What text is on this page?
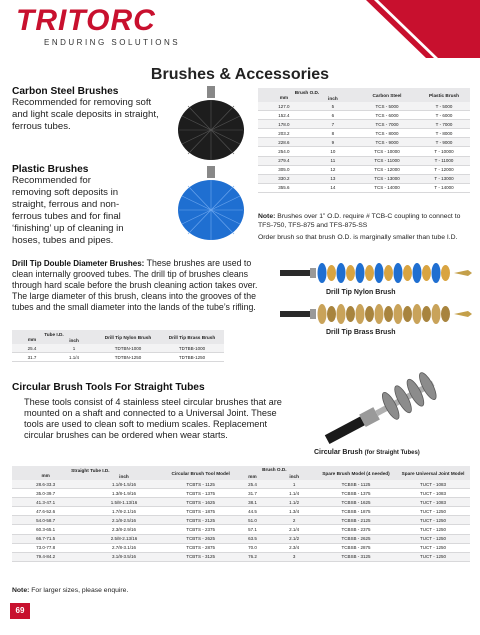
TRITORC
ENDURING SOLUTIONS
Brushes & Accessories
Carbon Steel Brushes
Recommended for removing soft and light scale deposits in straight, ferrous tubes.
Plastic Brushes
Recommended for removing soft deposits in straight, ferrous and non-ferrous tubes and for final ‘finishing’ up of cleaning in hoses, tubes and pipes.
Brush O.D.		Carbon Steel	Plastic Brush
mm	inch		
127.0	5	TCS - 5000	T - 5000
152.4	6	TCS - 6000	T - 6000
178.0	7	TCS - 7000	T - 7000
203.2	8	TCS - 8000	T - 8000
228.6	9	TCS - 9000	T - 9000
254.0	10	TCS - 10000	T - 10000
279.4	11	TCS - 11000	T - 11000
305.0	12	TCS - 12000	T - 12000
330.2	13	TCS - 13000	T - 13000
355.6	14	TCS - 14000	T - 14000
Note: Brushes over 1” O.D. require # TCB-C coupling to connect to TFS-750, TFS-875 and TFS-875-SS
Order brush so that brush O.D. is marginally smaller than tube I.D.
Drill Tip Double Diameter Brushes: These brushes are used to clean internally grooved tubes. The drill tip of brushes cleans through hard scale before the brush cleaning action takes over. The large diameter of this brush, cleans into the grooves of the tubes and the small diameter into the lands of the tube’s rifling.
Drill Tip Nylon Brush
Drill Tip Brass Brush
Tube I.D.		Drill Tip Nylon Brush	Drill Tip Brass Brush
mm	inch		
25.4	1	TDTBN-1000	TDTBB-1000
31.7	1.1/4	TDTBN-1250	TDTBB-1250
Circular Brush Tools For Straight Tubes
These tools consist of 4 stainless steel circular brushes that are mounted on a shaft and connected to a Universal Joint. These tools are used to clean soft to medium scales. Replacement circular brushes can be ordered when wear starts.
Circular Brush (for Straight Tubes)
Straight Tube I.D.		Circular Brush Tool Model	Brush O.D.		Spare Brush Model (4 needed)	Spare Universal Joint Model
mm	inch		mm	inch		
28.6-33.3	1.1/8-1.5/16	TCBTS - 1125	25.4	1	TCBSB - 1125	TUCT - 1083
35.0-39.7	1.3/8-1.9/16	TCBTS - 1375	31.7	1.1/4	TCBSB - 1375	TUCT - 1083
41.3-47.1	1.5/8-1.13/16	TCBTS - 1625	38.1	1.1/2	TCBSB - 1625	TUCT - 1083
47.6-52.6	1.7/8-2.1/16	TCBTS - 1875	44.5	1.3/4	TCBSB - 1875	TUCT - 1250
54.0-58.7	2.1/8-2.5/16	TCBTS - 2125	51.0	2	TCBSB - 2125	TUCT - 1250
60.3-65.1	2.3/8-2.9/16	TCBTS - 2375	57.1	2.1/4	TCBSB - 2375	TUCT - 1250
66.7-71.5	2.5/8-2.13/16	TCBTS - 2625	63.5	2.1/2	TCBSB - 2625	TUCT - 1250
73.0-77.8	2.7/8-3.1/16	TCBTS - 2875	70.0	2.3/4	TCBSB - 2875	TUCT - 1250
79.4-84.2	3.1/8-3.5/16	TCBTS - 3125	76.2	3	TCBSB - 3125	TUCT - 1250
Note: For larger sizes, please enquire.
69
